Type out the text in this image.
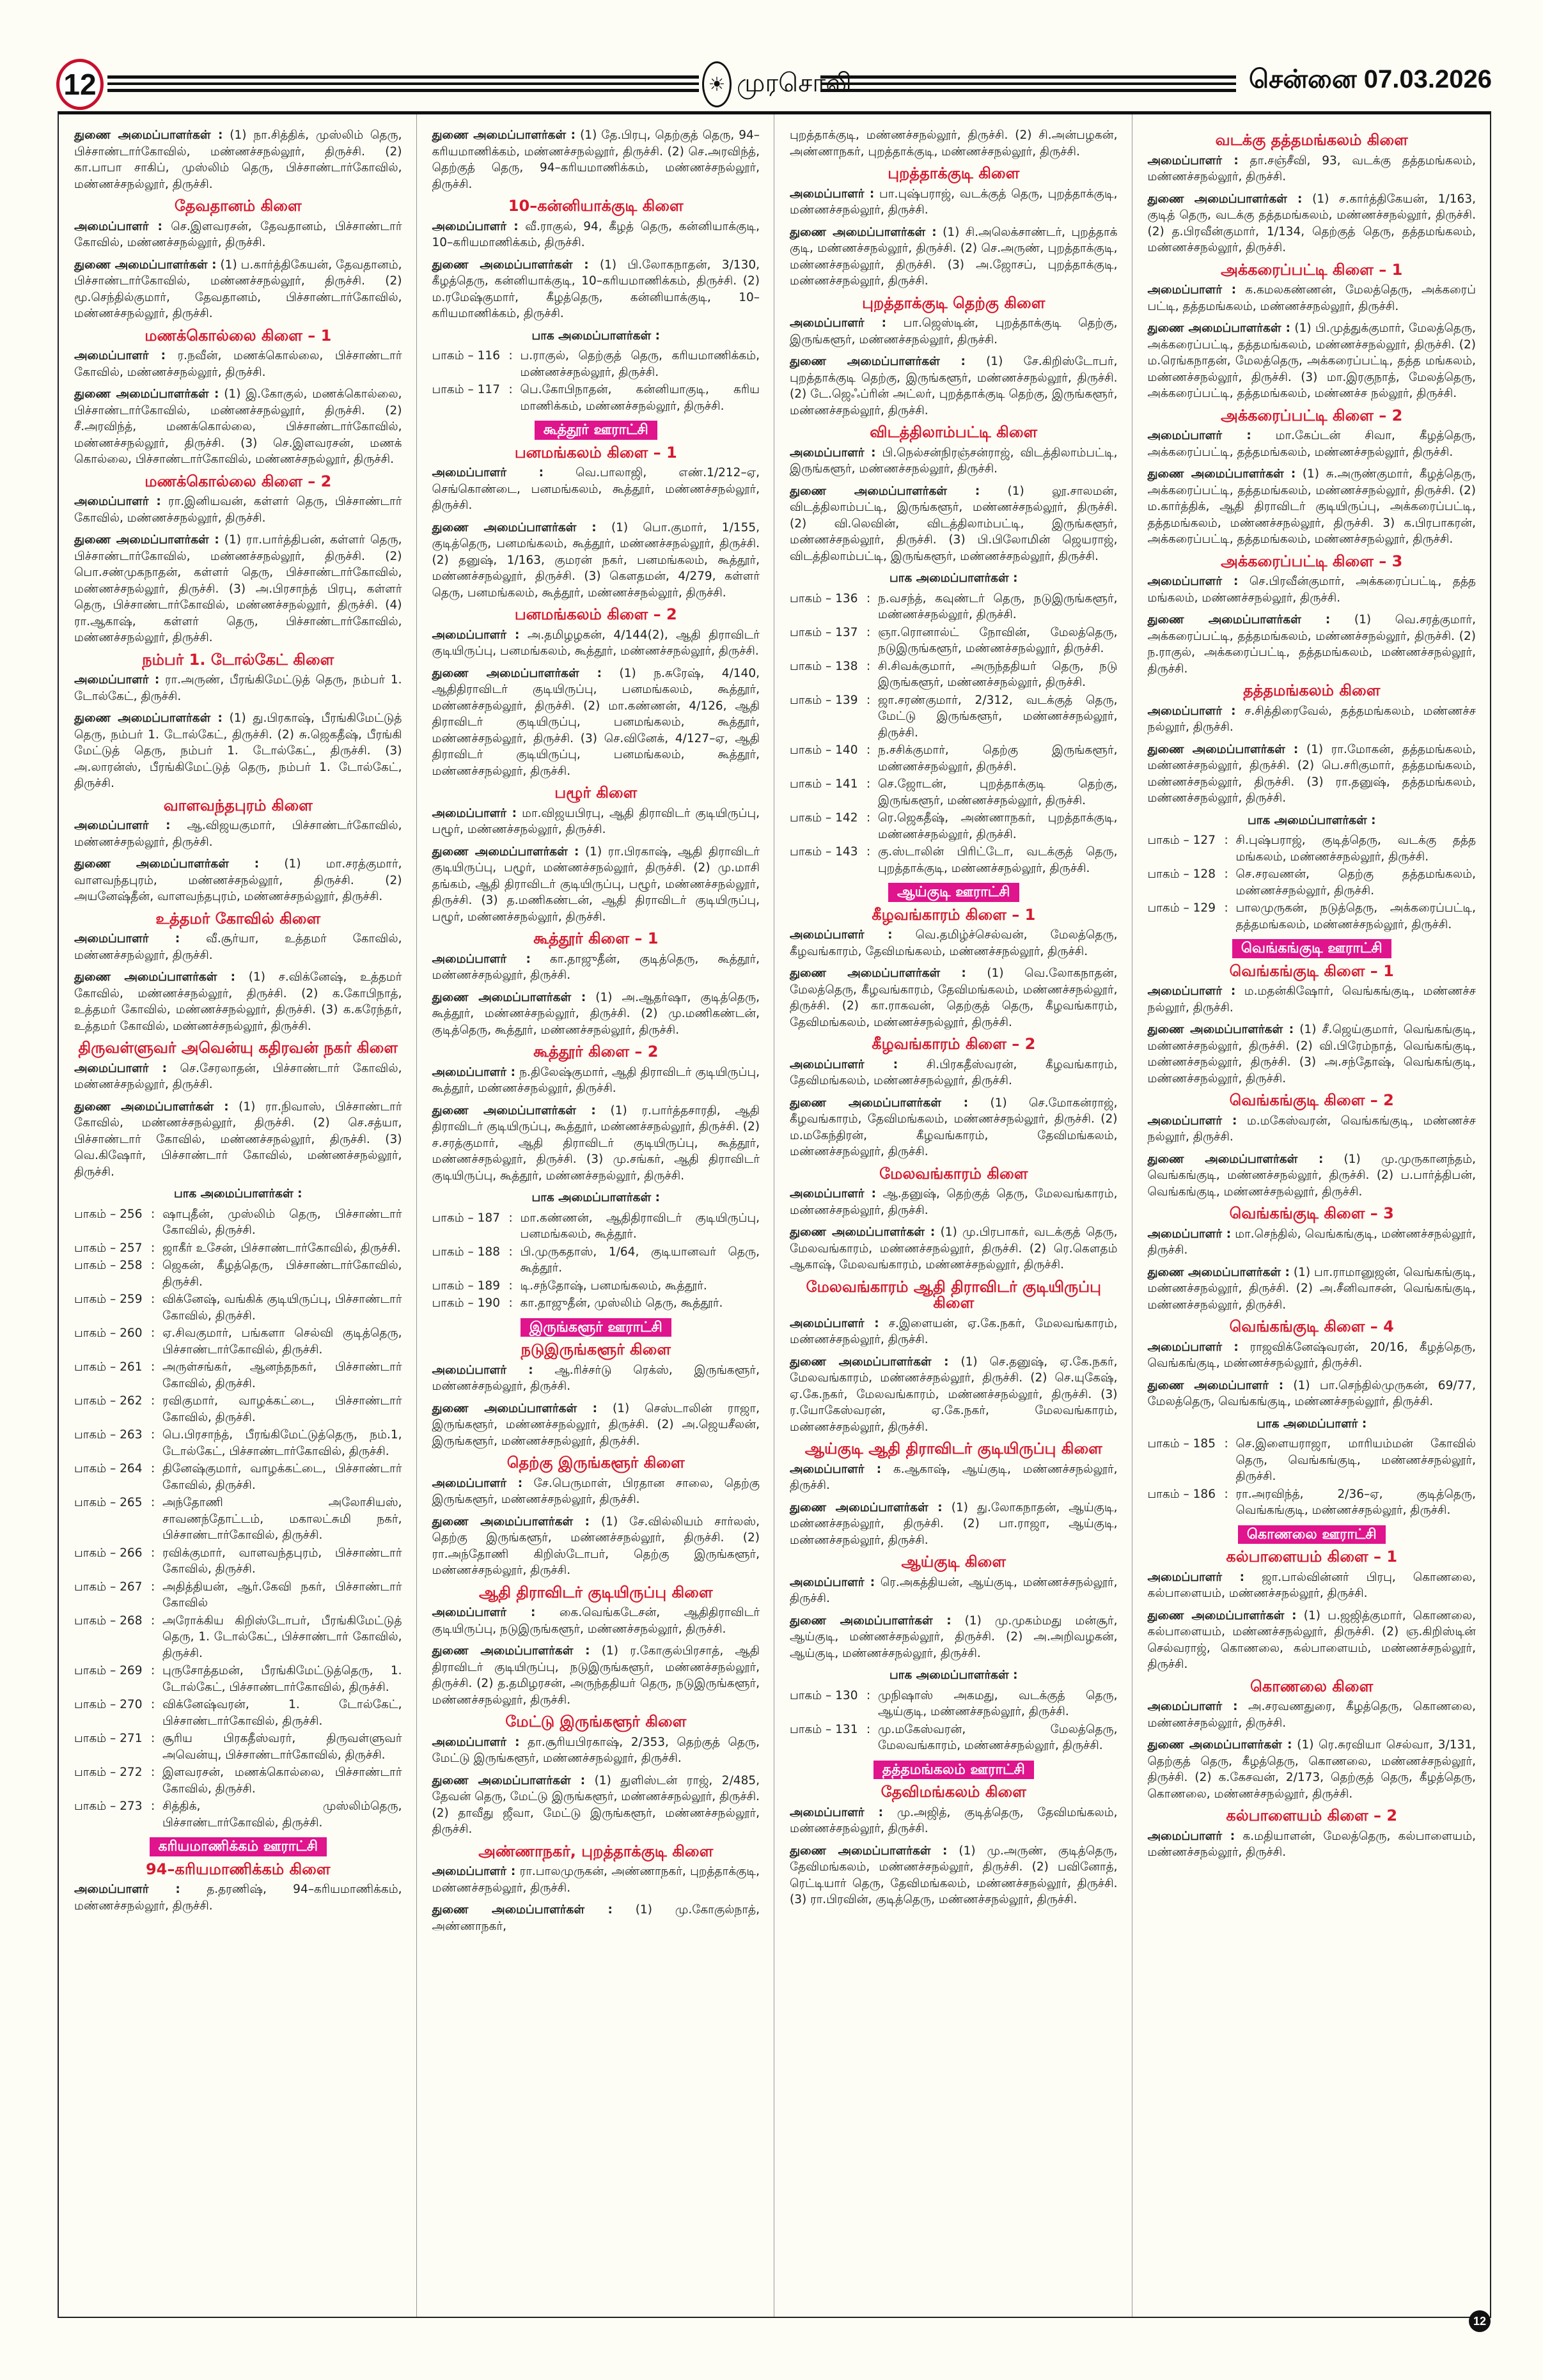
12	☀ முரசொலி	சென்னை 07.03.2026
துணை அமைப்பாளர்கள் : (1) நா.சித்திக், முஸ்லிம் தெரு, பிச்சாண்டார்கோவில், மண்ணச்சநல்லூர், திருச்சி. (2) கா.பாபா சாகிப், முஸ்லிம் தெரு, பிச்சாண்டார்கோவில், மண்ணச்சநல்லூர், திருச்சி.
தேவதானம் கிளை
அமைப்பாளர் : செ.இளவரசன், தேவதானம், பிச்சாண்டார் கோவில், மண்ணச்சநல்லூர், திருச்சி.
துணை அமைப்பாளர்கள் : (1) ப.கார்த்திகேயன், தேவதானம், பிச்சாண்டார்கோவில், மண்ணச்சநல்லூர், திருச்சி. (2) மூ.செந்தில்குமார், தேவதானம், பிச்சாண்டார்கோவில், மண்ணச்சநல்லூர், திருச்சி.
மணக்கொல்லை கிளை – 1
அமைப்பாளர் : ர.நவீன், மணக்கொல்லை, பிச்சாண்டார் கோவில், மண்ணச்சநல்லூர், திருச்சி.
துணை அமைப்பாளர்கள் : (1) இ.கோகுல், மணக்கொல்லை, பிச்சாண்டார்கோவில், மண்ணச்சநல்லூர், திருச்சி. (2) சீ.அரவிந்த், மணக்கொல்லை, பிச்சாண்டார்கோவில், மண்ணச்சநல்லூர், திருச்சி. (3) செ.இளவரசன், மணக் கொல்லை, பிச்சாண்டார்கோவில், மண்ணச்சநல்லூர், திருச்சி.
மணக்கொல்லை கிளை – 2
அமைப்பாளர் : ரா.இனியவன், கள்ளர் தெரு, பிச்சாண்டார் கோவில், மண்ணச்சநல்லூர், திருச்சி.
துணை அமைப்பாளர்கள் : (1) ரா.பார்த்திபன், கள்ளர் தெரு, பிச்சாண்டார்கோவில், மண்ணச்சநல்லூர், திருச்சி. (2) பொ.சண்முகநாதன், கள்ளர் தெரு, பிச்சாண்டார்கோவில், மண்ணச்சநல்லூர், திருச்சி. (3) அ.பிரசாந்த் பிரபு, கள்ளர் தெரு, பிச்சாண்டார்கோவில், மண்ணச்சநல்லூர், திருச்சி. (4) ரா.ஆகாஷ், கள்ளர் தெரு, பிச்சாண்டார்கோவில், மண்ணச்சநல்லூர், திருச்சி.
நம்பர் 1. டோல்கேட் கிளை
அமைப்பாளர் : ரா.அருண், பீரங்கிமேட்டுத் தெரு, நம்பர் 1. டோல்கேட், திருச்சி.
துணை அமைப்பாளர்கள் : (1) து.பிரகாஷ், பீரங்கிமேட்டுத் தெரு, நம்பர் 1. டோல்கேட், திருச்சி. (2) சு.ஜெகதீஷ், பீரங்கி மேட்டுத் தெரு, நம்பர் 1. டோல்கேட், திருச்சி. (3) அ.லாரன்ஸ், பீரங்கிமேட்டுத் தெரு, நம்பர் 1. டோல்கேட், திருச்சி.
வாளவந்தபுரம் கிளை
அமைப்பாளர் : ஆ.விஜயகுமார், பிச்சாண்டர்கோவில், மண்ணச்சநல்லூர், திருச்சி.
துணை அமைப்பாளர்கள் : (1) மா.சரத்குமார், வாளவந்தபுரம், மண்ணச்சநல்லூர், திருச்சி. (2) அயனேஷ்தீன், வாளவந்தபுரம், மண்ணச்சநல்லூர், திருச்சி.
உத்தமர் கோவில் கிளை
அமைப்பாளர் : வீ.சூர்யா, உத்தமர் கோவில், மண்ணச்சநல்லூர், திருச்சி.
துணை அமைப்பாளர்கள் : (1) ச.விக்னேஷ், உத்தமர் கோவில், மண்ணச்சநல்லூர், திருச்சி. (2) க.கோபிநாத், உத்தமர் கோவில், மண்ணச்சநல்லூர், திருச்சி. (3) க.கரேந்தர், உத்தமர் கோவில், மண்ணச்சநல்லூர், திருச்சி.
திருவள்ளுவர் அவென்யு கதிரவன் நகர் கிளை
அமைப்பாளர் : செ.சேரலாதன், பிச்சாண்டார் கோவில், மண்ணச்சநல்லூர், திருச்சி.
துணை அமைப்பாளர்கள் : (1) ரா.நிவாஸ், பிச்சாண்டார் கோவில், மண்ணச்சநல்லூர், திருச்சி. (2) செ.சத்யா, பிச்சாண்டார் கோவில், மண்ணச்சநல்லூர், திருச்சி. (3) வெ.கிஷோர், பிச்சாண்டார் கோவில், மண்ணச்சநல்லூர், திருச்சி.
பாக அமைப்பாளர்கள் :
பாகம் – 256 : ஷாபுதீன், முஸ்லிம் தெரு, பிச்சாண்டார் கோவில், திருச்சி.
பாகம் – 257 : ஜாகீர் உசேன், பிச்சாண்டார்கோவில், திருச்சி.
பாகம் – 258 : ஜெகன், கீழத்தெரு, பிச்சாண்டார்கோவில், திருச்சி.
பாகம் – 259 : விக்னேஷ், வங்கிக் குடியிருப்பு, பிச்சாண்டார் கோவில், திருச்சி.
பாகம் – 260 : ஏ.சிவகுமார், பங்களா செல்வி குடித்தெரு, பிச்சாண்டார்கோவில், திருச்சி.
பாகம் – 261 : அருள்சங்கர், ஆனந்தநகர், பிச்சாண்டார் கோவில், திருச்சி.
பாகம் – 262 : ரவிகுமார், வாழக்கட்டை, பிச்சாண்டார் கோவில், திருச்சி.
பாகம் – 263 : பெ.பிரசாந்த், பீரங்கிமேட்டுத்தெரு, நம்.1, டோல்கேட், பிச்சாண்டார்கோவில், திருச்சி.
பாகம் – 264 : தினேஷ்குமார், வாழக்கட்டை, பிச்சாண்டார் கோவில், திருச்சி.
பாகம் – 265 : அந்தோணி அலோசியஸ், சாவணந்தோட்டம், மகாலட்சுமி நகர், பிச்சாண்டார்கோவில், திருச்சி.
பாகம் – 266 : ரவிக்குமார், வாளவந்தபுரம், பிச்சாண்டார் கோவில், திருச்சி.
பாகம் – 267 : அதித்தியன், ஆர்.கேவி நகர், பிச்சாண்டார் கோவில்
பாகம் – 268 : அரோக்கிய கிறிஸ்டோபர், பீரங்கிமேட்டுத் தெரு, 1. டோல்கேட், பிச்சாண்டார் கோவில், திருச்சி.
பாகம் – 269 : புருசோத்தமன், பீரங்கிமேட்டுத்தெரு, 1. டோல்கேட், பிச்சாண்டார்கோவில், திருச்சி.
பாகம் – 270 : விக்னேஷ்வரன், 1. டோல்கேட், பிச்சாண்டார்கோவில், திருச்சி.
பாகம் – 271 : சூரிய பிரகதீஸ்வரர், திருவள்ளுவர் அவென்யு, பிச்சாண்டார்கோவில், திருச்சி.
பாகம் – 272 : இளவரசன், மணக்கொல்லை, பிச்சாண்டார் கோவில், திருச்சி.
பாகம் – 273 : சித்திக், முஸ்லிம்தெரு, பிச்சாண்டார்கோவில், திருச்சி.
கரியமாணிக்கம் ஊராட்சி
94–கரியமாணிக்கம் கிளை
அமைப்பாளர் : த.தரணிஷ், 94–கரியமாணிக்கம், மண்ணச்சநல்லூர், திருச்சி.
துணை அமைப்பாளர்கள் : (1) தே.பிரபு, தெற்குத் தெரு, 94–கரியமாணிக்கம், மண்ணச்சநல்லூர், திருச்சி. (2) செ.அரவிந்த், தெற்குத் தெரு, 94–கரியமாணிக்கம், மண்ணச்சநல்லூர், திருச்சி.
10–கன்னியாக்குடி கிளை
அமைப்பாளர் : வீ.ராகுல், 94, கீழத் தெரு, கன்னியாக்குடி, 10–கரியமாணிக்கம், திருச்சி.
துணை அமைப்பாளர்கள் : (1) பி.லோகநாதன், 3/130, கீழத்தெரு, கன்னியாக்குடி, 10–கரியமாணிக்கம், திருச்சி. (2) ம.ரமேஷ்குமார், கீழத்தெரு, கன்னியாக்குடி, 10–கரியமாணிக்கம், திருச்சி.
பாக அமைப்பாளர்கள் :
பாகம் – 116 : ப.ராகுல், தெற்குத் தெரு, கரியமாணிக்கம், மண்ணச்சநல்லூர், திருச்சி.
பாகம் – 117 : பெ.கோபிநாதன், கன்னியாகுடி, கரிய மாணிக்கம், மண்ணச்சநல்லூர், திருச்சி.
கூத்தூர் ஊராட்சி
பனமங்கலம் கிளை – 1
அமைப்பாளர் :	வெ.பாலாஜி, எண்.1/212–ஏ, செங்கொண்டை, பனமங்கலம், கூத்தூர், மண்ணச்சநல்லூர், திருச்சி.
துணை அமைப்பாளர்கள் : (1) பொ.குமார், 1/155, குடித்தெரு, பனமங்கலம், கூத்தூர், மண்ணச்சநல்லூர், திருச்சி. (2) தனுஷ், 1/163, குமரன் நகர், பனமங்கலம், கூத்தூர், மண்ணச்சநல்லூர், திருச்சி. (3) கௌதமன், 4/279, கள்ளர் தெரு, பனமங்கலம், கூத்தூர், மண்ணச்சநல்லூர், திருச்சி.
பனமங்கலம் கிளை – 2
அமைப்பாளர் : அ.தமிழழகன், 4/144(2), ஆதி திராவிடர் குடியிருப்பு, பனமங்கலம், கூத்தூர், மண்ணச்சநல்லூர், திருச்சி.
துணை அமைப்பாளர்கள் : (1) ந.சுரேஷ், 4/140, ஆதிதிராவிடர் குடியிருப்பு, பனமங்கலம், கூத்தூர், மண்ணச்சநல்லூர், திருச்சி. (2) மா.கண்ணன், 4/126, ஆதி திராவிடர் குடியிருப்பு, பனமங்கலம், கூத்தூர், மண்ணச்சநல்லூர், திருச்சி. (3) செ.வினேக், 4/127–ஏ, ஆதி திராவிடர் குடியிருப்பு, பனமங்கலம், கூத்தூர், மண்ணச்சநல்லூர், திருச்சி.
பழூர் கிளை
அமைப்பாளர் : மா.விஜயபிரபு, ஆதி திராவிடர் குடியிருப்பு, பழூர், மண்ணச்சநல்லூர், திருச்சி.
துணை அமைப்பாளர்கள் : (1) ரா.பிரகாஷ், ஆதி திராவிடர் குடியிருப்பு, பழூர், மண்ணச்சநல்லூர், திருச்சி. (2) மு.மாசி தங்கம், ஆதி திராவிடர் குடியிருப்பு, பழூர், மண்ணச்சநல்லூர், திருச்சி. (3) த.மணிகண்டன், ஆதி திராவிடர் குடியிருப்பு, பழூர், மண்ணச்சநல்லூர், திருச்சி.
கூத்தூர் கிளை – 1
அமைப்பாளர் : கா.தாஜுதீன், குடித்தெரு, கூத்தூர், மண்ணச்சநல்லூர், திருச்சி.
துணை அமைப்பாளர்கள் : (1) அ.ஆதர்ஷா, குடித்தெரு, கூத்தூர், மண்ணச்சநல்லூர், திருச்சி. (2) மு.மணிகண்டன், குடித்தெரு, கூத்தூர், மண்ணச்சநல்லூர், திருச்சி.
கூத்தூர் கிளை – 2
அமைப்பாளர் : ந.திலேஷ்குமார், ஆதி திராவிடர் குடியிருப்பு, கூத்தூர், மண்ணச்சநல்லூர், திருச்சி.
துணை அமைப்பாளர்கள் : (1) ர.பார்த்தசாரதி, ஆதி திராவிடர் குடியிருப்பு, கூத்தூர், மண்ணச்சநல்லூர், திருச்சி. (2) ச.சரத்குமார், ஆதி திராவிடர் குடியிருப்பு, கூத்தூர், மண்ணச்சநல்லூர், திருச்சி. (3) மு.சங்கர், ஆதி திராவிடர் குடியிருப்பு, கூத்தூர், மண்ணச்சநல்லூர், திருச்சி.
பாக அமைப்பாளர்கள் :
பாகம் – 187 : மா.கண்ணன், ஆதிதிராவிடர் குடியிருப்பு, பனமங்கலம், கூத்தூர்.
பாகம் – 188 : பி.முருகதாஸ், 1/64, குடியானவர் தெரு, கூத்தூர்.
பாகம் – 189 : டி.சந்தோஷ், பனமங்கலம், கூத்தூர்.
பாகம் – 190 : கா.தாஜுதீன், முஸ்லிம் தெரு, கூத்தூர்.
இருங்களூர் ஊராட்சி
நடுஇருங்களூர் கிளை
அமைப்பாளர் : ஆ.ரிச்சர்டு ரெக்ஸ், இருங்களூர், மண்ணச்சநல்லூர், திருச்சி.
துணை அமைப்பாளர்கள் : (1) செஸ்டாலின் ராஜா, இருங்களூர், மண்ணச்சநல்லூர், திருச்சி. (2) அ.ஜெயசீலன், இருங்களூர், மண்ணச்சநல்லூர், திருச்சி.
தெற்கு இருங்களூர் கிளை
அமைப்பாளர் : சே.பெருமாள், பிரதான சாலை, தெற்கு இருங்களூர், மண்ணச்சநல்லூர், திருச்சி.
துணை அமைப்பாளர்கள் : (1) சே.வில்லியம் சார்லஸ், தெற்கு இருங்களூர், மண்ணச்சநல்லூர், திருச்சி. (2) ரா.அந்தோணி கிறிஸ்டோபர், தெற்கு இருங்களூர், மண்ணச்சநல்லூர், திருச்சி.
ஆதி திராவிடர் குடியிருப்பு கிளை
அமைப்பாளர் : கை.வெங்கடேசன், ஆதிதிராவிடர் குடியிருப்பு, நடுஇருங்களூர், மண்ணச்சநல்லூர், திருச்சி.
துணை அமைப்பாளர்கள் : (1) ர.கோகுல்பிரசாத், ஆதி திராவிடர் குடியிருப்பு, நடுஇருங்களூர், மண்ணச்சநல்லூர், திருச்சி. (2) த.தமிழரசன், அருந்ததியர் தெரு, நடுஇருங்களூர், மண்ணச்சநல்லூர், திருச்சி.
மேட்டு இருங்களூர் கிளை
அமைப்பாளர் : தா.சூரியபிரகாஷ், 2/353, தெற்குத் தெரு, மேட்டு இருங்களூர், மண்ணச்சநல்லூர், திருச்சி.
துணை அமைப்பாளர்கள் : (1) துளிஸ்டன் ராஜ், 2/485, தேவன் தெரு, மேட்டு இருங்களூர், மண்ணச்சநல்லூர், திருச்சி. (2) தாவீது ஜீவா, மேட்டு இருங்களூர், மண்ணச்சநல்லூர், திருச்சி.
அண்ணாநகர், புறத்தாக்குடி கிளை
அமைப்பாளர் : ரா.பாலமுருகன், அண்ணாநகர், புறத்தாக்குடி, மண்ணச்சநல்லூர், திருச்சி.
துணை அமைப்பாளர்கள் : (1) மு.கோகுல்நாத், அண்ணாநகர்,
புறத்தாக்குடி, மண்ணச்சநல்லூர், திருச்சி. (2) சி.அன்பழகன், அண்ணாநகர், புறத்தாக்குடி, மண்ணச்சநல்லூர், திருச்சி.
புறத்தாக்குடி கிளை
அமைப்பாளர் : பா.புஷ்பராஜ், வடக்குத் தெரு, புறத்தாக்குடி, மண்ணச்சநல்லூர், திருச்சி.
துணை அமைப்பாளர்கள் : (1) சி.அலெக்சாண்டர், புறத்தாக் குடி, மண்ணச்சநல்லூர், திருச்சி. (2) செ.அருண், புறத்தாக்குடி, மண்ணச்சநல்லூர், திருச்சி. (3) அ.ஜோசப், புறத்தாக்குடி, மண்ணச்சநல்லூர், திருச்சி.
புறத்தாக்குடி தெற்கு கிளை
அமைப்பாளர் : பா.ஜெஸ்டின், புறத்தாக்குடி தெற்கு, இருங்களூர், மண்ணச்சநல்லூர், திருச்சி.
துணை அமைப்பாளர்கள் : (1) சே.கிறிஸ்டோபர், புறத்தாக்குடி தெற்கு, இருங்களூர், மண்ணச்சநல்லூர், திருச்சி. (2) டே.ஜெஃப்ரின் அட்லர், புறத்தாக்குடி தெற்கு, இருங்களூர், மண்ணச்சநல்லூர், திருச்சி.
விடத்திலாம்பட்டி கிளை
அமைப்பாளர் : பி.நெல்சன்நிரஞ்சன்ராஜ், விடத்திலாம்பட்டி, இருங்களூர், மண்ணச்சநல்லூர், திருச்சி.
துணை அமைப்பாளர்கள் : (1) லூ.சாலமன், விடத்திலாம்பட்டி, இருங்களூர், மண்ணச்சநல்லூர், திருச்சி. (2) வி.லெவின், விடத்திலாம்பட்டி, இருங்களூர், மண்ணச்சநல்லூர், திருச்சி. (3) பி.பிலோமின் ஜெயராஜ், விடத்திலாம்பட்டி, இருங்களூர், மண்ணச்சநல்லூர், திருச்சி.
பாக அமைப்பாளர்கள் :
பாகம் – 136 : ந.வசந்த், கவுண்டர் தெரு, நடுஇருங்களூர், மண்ணச்சநல்லூர், திருச்சி.
பாகம் – 137 : ஞா.ரொனால்ட் நோவின், மேலத்தெரு, நடுஇருங்களூர், மண்ணச்சநல்லூர், திருச்சி.
பாகம் – 138 : சி.சிவக்குமார், அருந்ததியர் தெரு, நடு இருங்களூர், மண்ணச்சநல்லூர், திருச்சி.
பாகம் – 139 : ஜா.சரண்குமார், 2/312, வடக்குத் தெரு, மேட்டு இருங்களூர், மண்ணச்சநல்லூர், திருச்சி.
பாகம் – 140 : ந.சசிக்குமார், தெற்கு இருங்களூர், மண்ணச்சநல்லூர், திருச்சி.
பாகம் – 141 : செ.ஜோடன், புறத்தாக்குடி தெற்கு, இருங்களூர், மண்ணச்சநல்லூர், திருச்சி.
பாகம் – 142 : ரெ.ஜெகதீஷ், அண்ணாநகர், புறத்தாக்குடி, மண்ணச்சநல்லூர், திருச்சி.
பாகம் – 143 : கு.ஸ்டாலின் பிரிட்டோ, வடக்குத் தெரு, புறத்தாக்குடி, மண்ணச்சநல்லூர், திருச்சி.
ஆய்குடி ஊராட்சி
கீழவங்காரம் கிளை – 1
அமைப்பாளர் : வெ.தமிழ்ச்செல்வன், மேலத்தெரு, கீழவங்காரம், தேவிமங்கலம், மண்ணச்சநல்லூர், திருச்சி.
துணை அமைப்பாளர்கள் : (1) வெ.லோகநாதன், மேலத்தெரு, கீழவங்காரம், தேவிமங்கலம், மண்ணச்சநல்லூர், திருச்சி. (2) கா.ராகவன், தெற்குத் தெரு, கீழவங்காரம், தேவிமங்கலம், மண்ணச்சநல்லூர், திருச்சி.
கீழவங்காரம் கிளை – 2
அமைப்பாளர் : சி.பிரகதீஸ்வரன், கீழவங்காரம், தேவிமங்கலம், மண்ணச்சநல்லூர், திருச்சி.
துணை அமைப்பாளர்கள் : (1) செ.மோகன்ராஜ், கீழவங்காரம், தேவிமங்கலம், மண்ணச்சநல்லூர், திருச்சி. (2) ம.மகேந்திரன், கீழவங்காரம், தேவிமங்கலம், மண்ணச்சநல்லூர், திருச்சி.
மேலவங்காரம் கிளை
அமைப்பாளர் : ஆ.தனுஷ், தெற்குத் தெரு, மேலவங்காரம், மண்ணச்சநல்லூர், திருச்சி.
துணை அமைப்பாளர்கள் : (1) மு.பிரபாகர், வடக்குத் தெரு, மேலவங்காரம், மண்ணச்சநல்லூர், திருச்சி. (2) ரெ.கௌதம் ஆகாஷ், மேலவங்காரம், மண்ணச்சநல்லூர், திருச்சி.
மேலவங்காரம் ஆதி திராவிடர் குடியிருப்பு கிளை
அமைப்பாளர் : ச.இளையன், ஏ.கே.நகர், மேலவங்காரம், மண்ணச்சநல்லூர், திருச்சி.
துணை அமைப்பாளர்கள் : (1) செ.தனுஷ், ஏ.கே.நகர், மேலவங்காரம், மண்ணச்சநல்லூர், திருச்சி. (2) செ.யுகேஷ், ஏ.கே.நகர், மேலவங்காரம், மண்ணச்சநல்லூர், திருச்சி. (3) ர.யோகேஸ்வரன், ஏ.கே.நகர், மேலவங்காரம், மண்ணச்சநல்லூர், திருச்சி.
ஆய்குடி ஆதி திராவிடர் குடியிருப்பு கிளை
அமைப்பாளர் : க.ஆகாஷ், ஆய்குடி, மண்ணச்சநல்லூர், திருச்சி.
துணை அமைப்பாளர்கள் : (1) து.லோகநாதன், ஆய்குடி, மண்ணச்சநல்லூர், திருச்சி. (2) பா.ராஜா, ஆய்குடி, மண்ணச்சநல்லூர், திருச்சி.
ஆய்குடி கிளை
அமைப்பாளர் : ரெ.அகத்தியன், ஆய்குடி, மண்ணச்சநல்லூர், திருச்சி.
துணை அமைப்பாளர்கள் : (1) மு.முகம்மது மன்சூர், ஆய்குடி, மண்ணச்சநல்லூர், திருச்சி. (2) அ.அறிவழகன், ஆய்குடி, மண்ணச்சநல்லூர், திருச்சி.
பாக அமைப்பாளர்கள் :
பாகம் – 130 : முநிஷாஸ் அகமது, வடக்குத் தெரு, ஆய்குடி, மண்ணச்சநல்லூர், திருச்சி.
பாகம் – 131 : மு.மகேஸ்வரன், மேலத்தெரு, மேலவங்காரம், மண்ணச்சநல்லூர், திருச்சி.
தத்தமங்கலம் ஊராட்சி
தேவிமங்கலம் கிளை
அமைப்பாளர் : மு.அஜித், குடித்தெரு, தேவிமங்கலம், மண்ணச்சநல்லூர், திருச்சி.
துணை அமைப்பாளர்கள் : (1) மு.அருண், குடித்தெரு, தேவிமங்கலம், மண்ணச்சநல்லூர், திருச்சி. (2) பவினோத், ரெட்டியார் தெரு, தேவிமங்கலம், மண்ணச்சநல்லூர், திருச்சி. (3) ரா.பிரவின், குடித்தெரு, மண்ணச்சநல்லூர், திருச்சி.
வடக்கு தத்தமங்கலம் கிளை
அமைப்பாளர் : தா.சஞ்சீவி, 93, வடக்கு தத்தமங்கலம், மண்ணச்சநல்லூர், திருச்சி.
துணை அமைப்பாளர்கள் : (1) ச.கார்த்திகேயன், 1/163, குடித் தெரு, வடக்கு தத்தமங்கலம், மண்ணச்சநல்லூர், திருச்சி. (2) த.பிரவீன்குமார், 1/134, தெற்குத் தெரு, தத்தமங்கலம், மண்ணச்சநல்லூர், திருச்சி.
அக்கரைப்பட்டி கிளை – 1
அமைப்பாளர் : க.கமலகண்ணன், மேலத்தெரு, அக்கரைப் பட்டி, தத்தமங்கலம், மண்ணச்சநல்லூர், திருச்சி.
துணை அமைப்பாளர்கள் : (1) பி.முத்துக்குமார், மேலத்தெரு, அக்கரைப்பட்டி, தத்தமங்கலம், மண்ணச்சநல்லூர், திருச்சி. (2) ம.ரெங்கநாதன், மேலத்தெரு, அக்கரைப்பட்டி, தத்த மங்கலம், மண்ணச்சநல்லூர், திருச்சி. (3) மா.இரகுநாத், மேலத்தெரு, அக்கரைப்பட்டி, தத்தமங்கலம், மண்ணச்ச நல்லூர், திருச்சி.
அக்கரைப்பட்டி கிளை – 2
அமைப்பாளர் : மா.கேப்டன் சிவா, கீழத்தெரு, அக்கரைப்பட்டி, தத்தமங்கலம், மண்ணச்சநல்லூர், திருச்சி.
துணை அமைப்பாளர்கள் : (1) சு.அருண்குமார், கீழத்தெரு, அக்கரைப்பட்டி, தத்தமங்கலம், மண்ணச்சநல்லூர், திருச்சி. (2) ம.கார்த்திக், ஆதி திராவிடர் குடியிருப்பு, அக்கரைப்பட்டி, தத்தமங்கலம், மண்ணச்சநல்லூர், திருச்சி. 3) க.பிரபாகரன், அக்கரைப்பட்டி, தத்தமங்கலம், மண்ணச்சநல்லூர், திருச்சி.
அக்கரைப்பட்டி கிளை – 3
அமைப்பாளர் : செ.பிரவீன்குமார், அக்கரைப்பட்டி, தத்த மங்கலம், மண்ணச்சநல்லூர், திருச்சி.
துணை அமைப்பாளர்கள் : (1) வெ.சரத்குமார், அக்கரைப்பட்டி, தத்தமங்கலம், மண்ணச்சநல்லூர், திருச்சி. (2) ந.ராகுல், அக்கரைப்பட்டி, தத்தமங்கலம், மண்ணச்சநல்லூர், திருச்சி.
தத்தமங்கலம் கிளை
அமைப்பாளர் : ச.சித்திரைவேல், தத்தமங்கலம், மண்ணச்ச நல்லூர், திருச்சி.
துணை அமைப்பாளர்கள் : (1) ரா.மோகன், தத்தமங்கலம், மண்ணச்சநல்லூர், திருச்சி. (2) பெ.சரிகுமார், தத்தமங்கலம், மண்ணச்சநல்லூர், திருச்சி. (3) ரா.தனுஷ், தத்தமங்கலம், மண்ணச்சநல்லூர், திருச்சி.
பாக அமைப்பாளர்கள் :
பாகம் – 127 : சி.புஷ்பராஜ், குடித்தெரு, வடக்கு தத்த மங்கலம், மண்ணச்சநல்லூர், திருச்சி.
பாகம் – 128 : செ.சரவணன், தெற்கு தத்தமங்கலம், மண்ணச்சநல்லூர், திருச்சி.
பாகம் – 129 : பாலமுருகன், நடுத்தெரு, அக்கரைப்பட்டி, தத்தமங்கலம், மண்ணச்சநல்லூர், திருச்சி.
வெங்கங்குடி ஊராட்சி
வெங்கங்குடி கிளை – 1
அமைப்பாளர் : ம.மதன்கிஷோர், வெங்கங்குடி, மண்ணச்ச நல்லூர், திருச்சி.
துணை அமைப்பாளர்கள் : (1) சீ.ஜெய்குமார், வெங்கங்குடி, மண்ணச்சநல்லூர், திருச்சி. (2) வி.பிரேம்நாத், வெங்கங்குடி, மண்ணச்சநல்லூர், திருச்சி. (3) அ.சந்தோஷ், வெங்கங்குடி, மண்ணச்சநல்லூர், திருச்சி.
வெங்கங்குடி கிளை – 2
அமைப்பாளர் : ம.மகேஸ்வரன், வெங்கங்குடி, மண்ணச்ச நல்லூர், திருச்சி.
துணை அமைப்பாளர்கள் : (1) மு.முருகானந்தம், வெங்கங்குடி, மண்ணச்சநல்லூர், திருச்சி. (2) ப.பார்த்திபன், வெங்கங்குடி, மண்ணச்சநல்லூர், திருச்சி.
வெங்கங்குடி கிளை – 3
அமைப்பாளர் : மா.செந்தில், வெங்கங்குடி, மண்ணச்சநல்லூர், திருச்சி.
துணை அமைப்பாளர்கள் : (1) பா.ராமானுஜன், வெங்கங்குடி, மண்ணச்சநல்லூர், திருச்சி. (2) அ.சீனிவாசன், வெங்கங்குடி, மண்ணச்சநல்லூர், திருச்சி.
வெங்கங்குடி கிளை – 4
அமைப்பாளர் : ராஜவிக்னேஷ்வரன், 20/16, கீழத்தெரு, வெங்கங்குடி, மண்ணச்சநல்லூர், திருச்சி.
துணை அமைப்பாளர் : (1) பா.செந்தில்முருகன், 69/77, மேலத்தெரு, வெங்கங்குடி, மண்ணச்சநல்லூர், திருச்சி.
பாக அமைப்பாளர் :
பாகம் – 185 : செ.இளையராஜா, மாரியம்மன் கோவில் தெரு, வெங்கங்குடி, மண்ணச்சநல்லூர், திருச்சி.
பாகம் – 186 : ரா.அரவிந்த், 2/36–ஏ, குடித்தெரு, வெங்கங்குடி, மண்ணச்சநல்லூர், திருச்சி.
கொணலை ஊராட்சி
கல்பாளையம் கிளை – 1
அமைப்பாளர் : ஜா.பால்வின்னர் பிரபு, கொணலை, கல்பாளையம், மண்ணச்சநல்லூர், திருச்சி.
துணை அமைப்பாளர்கள் : (1) ப.ஜஜித்குமார், கொணலை, கல்பாளையம், மண்ணச்சநல்லூர், திருச்சி. (2) ஞ.கிறிஸ்டின் செல்வராஜ், கொணலை, கல்பாளையம், மண்ணச்சநல்லூர், திருச்சி.
கொணலை கிளை
அமைப்பாளர் : அ.சரவணதுரை, கீழத்தெரு, கொணலை, மண்ணச்சநல்லூர், திருச்சி.
துணை அமைப்பாளர்கள் : (1) ரெ.சுரவியா செல்வா, 3/131, தெற்குத் தெரு, கீழத்தெரு, கொணலை, மண்ணச்சநல்லூர், திருச்சி. (2) க.கேசவன், 2/173, தெற்குத் தெரு, கீழத்தெரு, கொணலை, மண்ணச்சநல்லூர், திருச்சி.
கல்பாளையம் கிளை – 2
அமைப்பாளர் : க.மதியாளன், மேலத்தெரு, கல்பாளையம், மண்ணச்சநல்லூர், திருச்சி.
12
